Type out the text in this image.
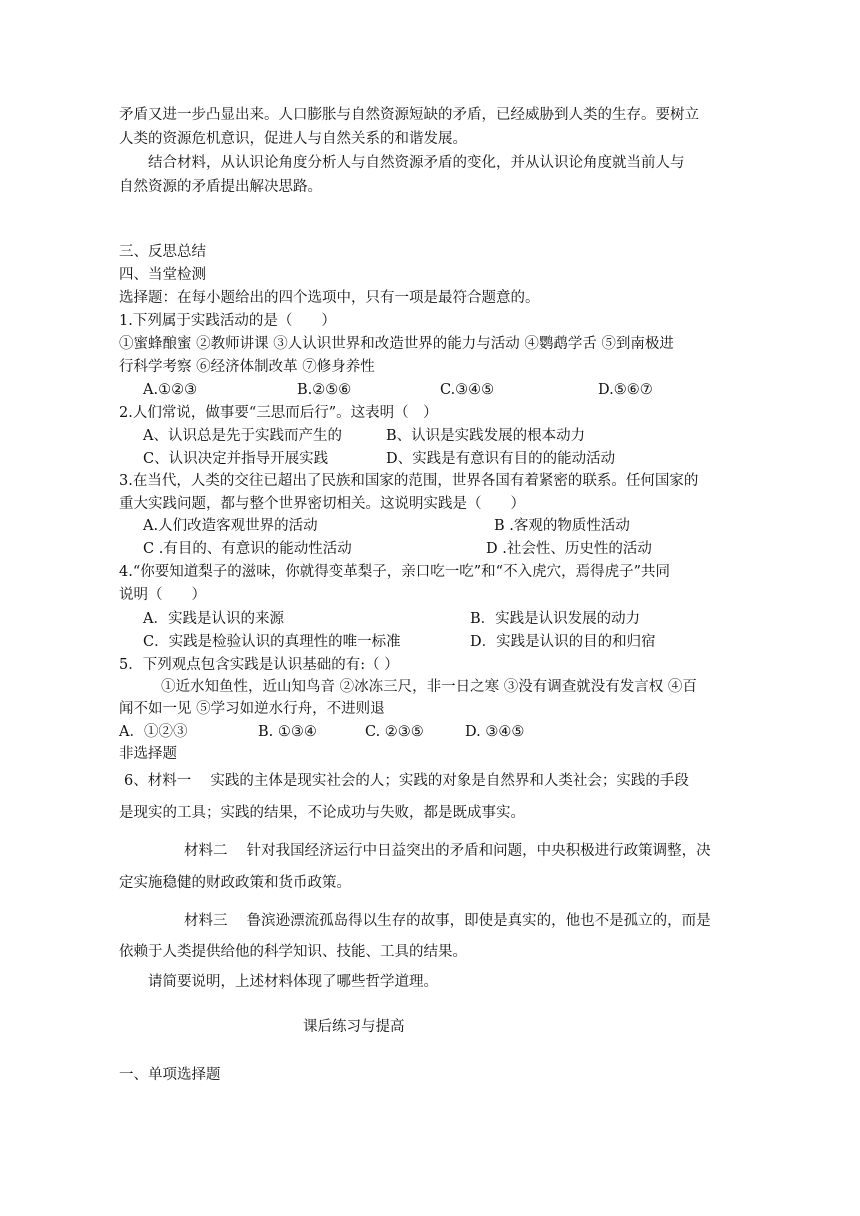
矛盾又进一步凸显出来。人口膨胀与自然资源短缺的矛盾，已经威胁到人类的生存。要树立
人类的资源危机意识，促进人与自然关系的和谐发展。
结合材料，从认识论角度分析人与自然资源矛盾的变化，并从认识论角度就当前人与
自然资源的矛盾提出解决思路。
三、反思总结
四、当堂检测
选择题：在每小题给出的四个选项中，只有一项是最符合题意的。
1.下列属于实践活动的是（　　）
①蜜蜂酿蜜 ②教师讲课 ③人认识世界和改造世界的能力与活动 ④鹦鹉学舌 ⑤到南极进
行科学考察 ⑥经济体制改革 ⑦修身养性
A.①②③	B.②⑤⑥	C.③④⑤	D.⑤⑥⑦
2.人们常说，做事要“三思而后行”。这表明（　）
A、认识总是先于实践而产生的	B、认识是实践发展的根本动力
C、认识决定并指导开展实践	D、实践是有意识有目的的能动活动
3.在当代，人类的交往已超出了民族和国家的范围，世界各国有着紧密的联系。任何国家的
重大实践问题，都与整个世界密切相关。这说明实践是（　　）
A.人们改造客观世界的活动	B .客观的物质性活动
C .有目的、有意识的能动性活动	D .社会性、历史性的活动
4.“你要知道梨子的滋味，你就得变革梨子，亲口吃一吃”和“不入虎穴，焉得虎子”共同
说明（　　）
A．实践是认识的来源	B．实践是认识发展的动力
C．实践是检验认识的真理性的唯一标准	D．实践是认识的目的和归宿
5．下列观点包含实践是认识基础的有:（ ）
①近水知鱼性，近山知鸟音 ②冰冻三尺，非一日之寒 ③没有调查就没有发言权 ④百
闻不如一见 ⑤学习如逆水行舟，不进则退
A．①②③	B. ①③④	C. ②③⑤	D. ③④⑤
非选择题
6、材料一　 实践的主体是现实社会的人；实践的对象是自然界和人类社会；实践的手段
是现实的工具；实践的结果，不论成功与失败，都是既成事实。
材料二　 针对我国经济运行中日益突出的矛盾和问题，中央积极进行政策调整，决
定实施稳健的财政政策和货币政策。
材料三　 鲁滨逊漂流孤岛得以生存的故事，即使是真实的，他也不是孤立的，而是
依赖于人类提供给他的科学知识、技能、工具的结果。
请简要说明，上述材料体现了哪些哲学道理。
课后练习与提高
一、单项选择题
